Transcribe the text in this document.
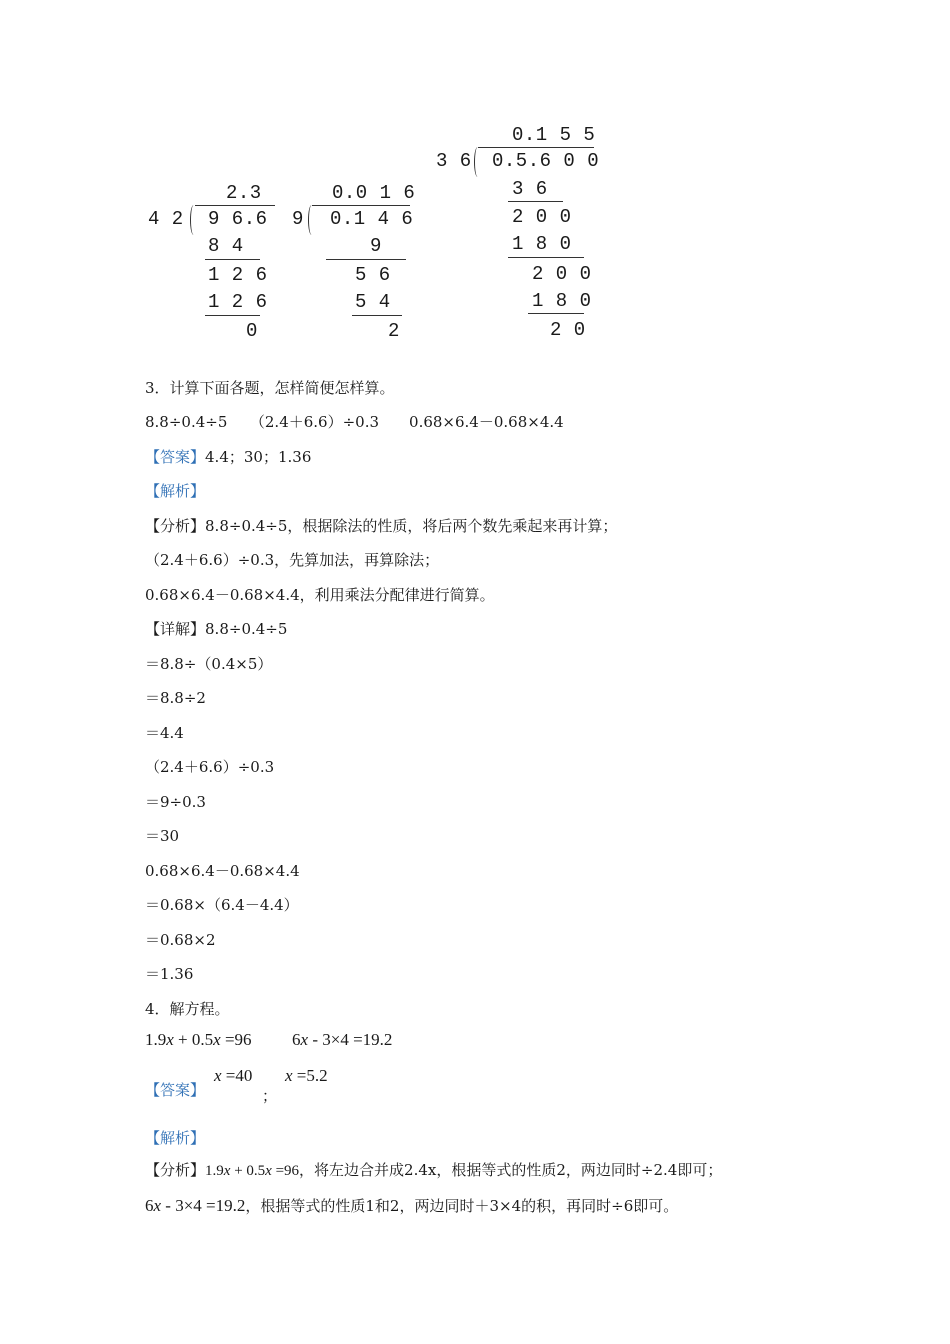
2.3
4 2 9 6.6
8 4
1 2 6
1 2 6
0
0.0 1 6
9 0.1 4 6
9
5 6
5 4
2
0.1 5 5
3 6 0.5.6 0 0
3 6
2 0 0
1 8 0
2 0 0
1 8 0
2 0
3．计算下面各题，怎样简便怎样算。
8.8÷0.4÷5　　（2.4＋6.6）÷0.3　　0.68×6.4－0.68×4.4
【答案】4.4；30；1.36
【解析】
【分析】8.8÷0.4÷5，根据除法的性质，将后两个数先乘起来再计算；
（2.4＋6.6）÷0.3，先算加法，再算除法；
0.68×6.4－0.68×4.4，利用乘法分配律进行简算。
【详解】8.8÷0.4÷5
＝8.8÷（0.4×5）
＝8.8÷2
＝4.4
（2.4＋6.6）÷0.3
＝9÷0.3
＝30
0.68×6.4－0.68×4.4
＝0.68×（6.4－4.4）
＝0.68×2
＝1.36
4．解方程。
1.9x + 0.5x =96 6x - 3×4 =19.2
【答案】
x =40
；
x =5.2
【解析】
【分析】1.9x + 0.5x =96，将左边合并成2.4x，根据等式的性质2，两边同时÷2.4即可；
6x - 3×4 =19.2，根据等式的性质1和2，两边同时＋3×4的积，再同时÷6即可。
